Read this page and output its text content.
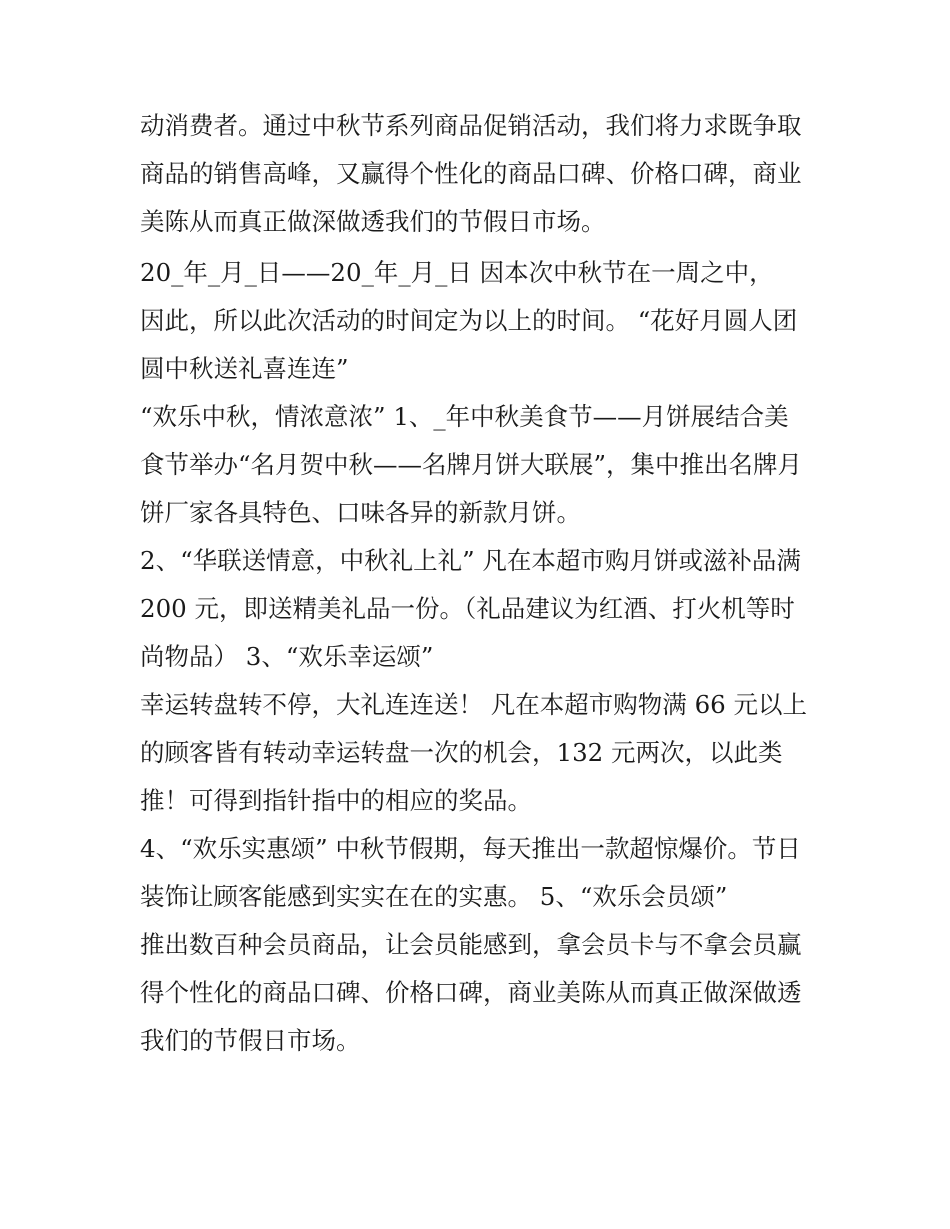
动消费者。通过中秋节系列商品促销活动，我们将力求既争取
商品的销售高峰，又赢得个性化的商品口碑、价格口碑，商业
美陈从而真正做深做透我们的节假日市场。
20_年_月_日——20_年_月_日 因本次中秋节在一周之中，
因此，所以此次活动的时间定为以上的时间。 “花好月圆人团
圆中秋送礼喜连连”
“欢乐中秋，情浓意浓” 1、_年中秋美食节——月饼展结合美
食节举办“名月贺中秋——名牌月饼大联展”，集中推出名牌月
饼厂家各具特色、口味各异的新款月饼。
2、“华联送情意，中秋礼上礼” 凡在本超市购月饼或滋补品满
200 元，即送精美礼品一份。（礼品建议为红酒、打火机等时
尚物品） 3、“欢乐幸运颂”
幸运转盘转不停，大礼连连送！ 凡在本超市购物满 66 元以上
的顾客皆有转动幸运转盘一次的机会，132 元两次，以此类
推！可得到指针指中的相应的奖品。
4、“欢乐实惠颂” 中秋节假期，每天推出一款超惊爆价。节日
装饰让顾客能感到实实在在的实惠。 5、“欢乐会员颂”
推出数百种会员商品，让会员能感到，拿会员卡与不拿会员赢
得个性化的商品口碑、价格口碑，商业美陈从而真正做深做透
我们的节假日市场。
